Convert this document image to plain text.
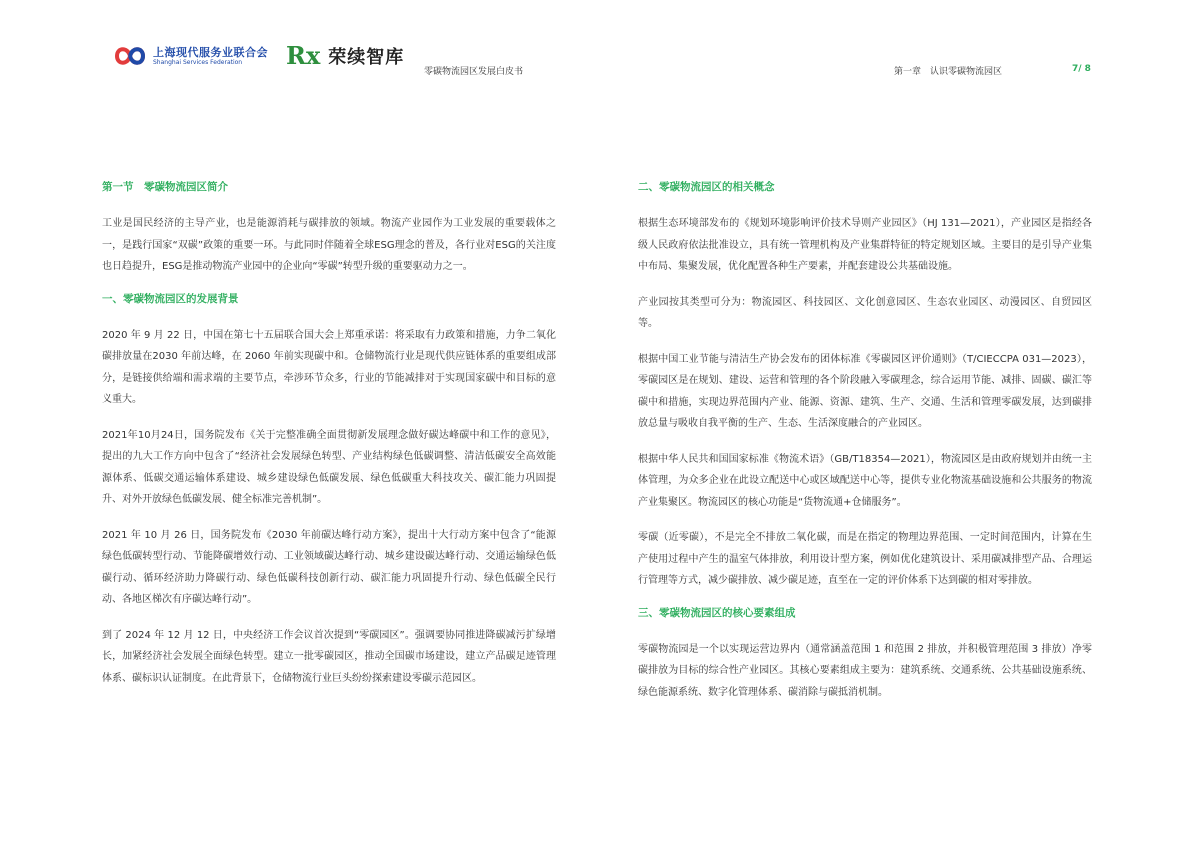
上海现代服务业联合会
Shanghai Services Federation	Rx 荣续智库
零碳物流园区发展白皮书	第一章　认识零碳物流园区	7/ 8
第一节　零碳物流园区简介
工业是国民经济的主导产业，也是能源消耗与碳排放的领域。物流产业园作为工业发展的重要载体之一，是践行国家“双碳”政策的重要一环。与此同时伴随着全球ESG理念的普及，各行业对ESG的关注度也日趋提升，ESG是推动物流产业园中的企业向“零碳”转型升级的重要驱动力之一。
一、零碳物流园区的发展背景
2020 年 9 月 22 日，中国在第七十五届联合国大会上郑重承诺：将采取有力政策和措施，力争二氧化碳排放量在2030 年前达峰，在 2060 年前实现碳中和。仓储物流行业是现代供应链体系的重要组成部分，是链接供给端和需求端的主要节点，牵涉环节众多，行业的节能减排对于实现国家碳中和目标的意义重大。
2021年10月24日，国务院发布《关于完整准确全面贯彻新发展理念做好碳达峰碳中和工作的意见》，提出的九大工作方向中包含了“经济社会发展绿色转型、产业结构绿色低碳调整、清洁低碳安全高效能源体系、低碳交通运输体系建设、城乡建设绿色低碳发展、绿色低碳重大科技攻关、碳汇能力巩固提升、对外开放绿色低碳发展、健全标准完善机制”。
2021 年 10 月 26 日，国务院发布《2030 年前碳达峰行动方案》，提出十大行动方案中包含了“能源绿色低碳转型行动、节能降碳增效行动、工业领域碳达峰行动、城乡建设碳达峰行动、交通运输绿色低碳行动、循环经济助力降碳行动、绿色低碳科技创新行动、碳汇能力巩固提升行动、绿色低碳全民行动、各地区梯次有序碳达峰行动”。
到了 2024 年 12 月 12 日，中央经济工作会议首次提到“零碳园区”。强调要协同推进降碳减污扩绿增长，加紧经济社会发展全面绿色转型。建立一批零碳园区，推动全国碳市场建设，建立产品碳足迹管理体系、碳标识认证制度。在此背景下，仓储物流行业巨头纷纷探索建设零碳示范园区。
二、零碳物流园区的相关概念
根据生态环境部发布的《规划环境影响评价技术导则产业园区》（HJ 131—2021），产业园区是指经各级人民政府依法批准设立，具有统一管理机构及产业集群特征的特定规划区域。主要目的是引导产业集中布局、集聚发展，优化配置各种生产要素，并配套建设公共基础设施。
产业园按其类型可分为：物流园区、科技园区、文化创意园区、生态农业园区、动漫园区、自贸园区等。
根据中国工业节能与清洁生产协会发布的团体标准《零碳园区评价通则》（T/CIECCPA 031—2023），零碳园区是在规划、建设、运营和管理的各个阶段融入零碳理念，综合运用节能、减排、固碳、碳汇等碳中和措施，实现边界范围内产业、能源、资源、建筑、生产、交通、生活和管理零碳发展，达到碳排放总量与吸收自我平衡的生产、生态、生活深度融合的产业园区。
根据中华人民共和国国家标准《物流术语》（GB/T18354—2021），物流园区是由政府规划并由统一主体管理，为众多企业在此设立配送中心或区域配送中心等，提供专业化物流基础设施和公共服务的物流产业集聚区。物流园区的核心功能是“货物流通+仓储服务”。
零碳（近零碳），不是完全不排放二氧化碳，而是在指定的物理边界范围、一定时间范围内，计算在生产使用过程中产生的温室气体排放，利用设计型方案，例如优化建筑设计、采用碳减排型产品、合理运行管理等方式，减少碳排放、减少碳足迹，直至在一定的评价体系下达到碳的相对零排放。
三、零碳物流园区的核心要素组成
零碳物流园是一个以实现运营边界内（通常涵盖范围 1 和范围 2 排放，并积极管理范围 3 排放）净零碳排放为目标的综合性产业园区。其核心要素组成主要为：建筑系统、交通系统、公共基础设施系统、绿色能源系统、数字化管理体系、碳消除与碳抵消机制。
